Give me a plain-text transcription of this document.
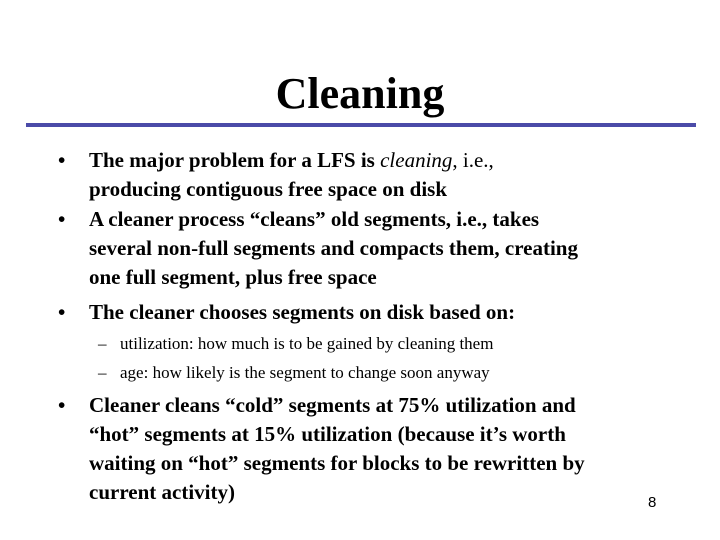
Cleaning
• The major problem for a LFS is cleaning, i.e.,
producing contiguous free space on disk
• A cleaner process “cleans” old segments, i.e., takes
several non-full segments and compacts them, creating
one full segment, plus free space
• The cleaner chooses segments on disk based on:
– utilization: how much is to be gained by cleaning them
– age: how likely is the segment to change soon anyway
• Cleaner cleans “cold” segments at 75% utilization and
“hot” segments at 15% utilization (because it’s worth
waiting on “hot” segments for blocks to be rewritten by
current activity)	8
